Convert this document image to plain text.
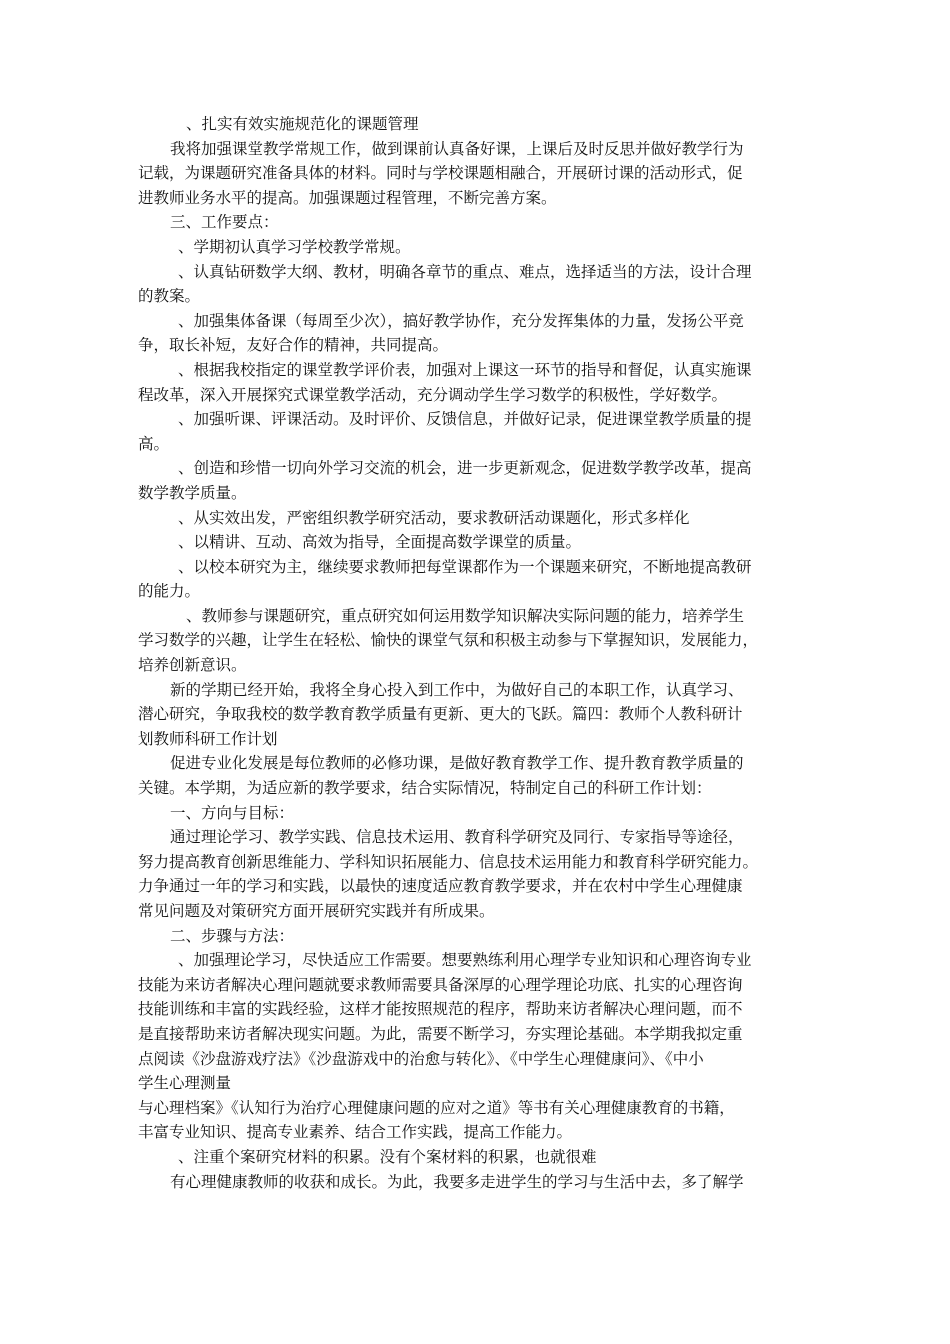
、扎实有效实施规范化的课题管理
我将加强课堂教学常规工作，做到课前认真备好课，上课后及时反思并做好教学行为
记载，为课题研究准备具体的材料。同时与学校课题相融合，开展研讨课的活动形式，促
进教师业务水平的提高。加强课题过程管理，不断完善方案。
三、工作要点：
、学期初认真学习学校教学常规。
、认真钻研数学大纲、教材，明确各章节的重点、难点，选择适当的方法，设计合理
的教案。
、加强集体备课（每周至少次），搞好教学协作，充分发挥集体的力量，发扬公平竞
争，取长补短，友好合作的精神，共同提高。
、根据我校指定的课堂教学评价表，加强对上课这一环节的指导和督促，认真实施课
程改革，深入开展探究式课堂教学活动，充分调动学生学习数学的积极性，学好数学。
、加强听课、评课活动。及时评价、反馈信息，并做好记录，促进课堂教学质量的提
高。
、创造和珍惜一切向外学习交流的机会，进一步更新观念，促进数学教学改革，提高
数学教学质量。
、从实效出发，严密组织教学研究活动，要求教研活动课题化，形式多样化
、以精讲、互动、高效为指导，全面提高数学课堂的质量。
、以校本研究为主，继续要求教师把每堂课都作为一个课题来研究，不断地提高教研
的能力。
、教师参与课题研究，重点研究如何运用数学知识解决实际问题的能力，培养学生
学习数学的兴趣，让学生在轻松、愉快的课堂气氛和积极主动参与下掌握知识，发展能力，
培养创新意识。
新的学期已经开始，我将全身心投入到工作中，为做好自己的本职工作，认真学习、
潜心研究，争取我校的数学教育教学质量有更新、更大的飞跃。篇四：教师个人教科研计
划教师科研工作计划
促进专业化发展是每位教师的必修功课，是做好教育教学工作、提升教育教学质量的
关键。本学期，为适应新的教学要求，结合实际情况，特制定自己的科研工作计划：
一、方向与目标：
通过理论学习、教学实践、信息技术运用、教育科学研究及同行、专家指导等途径，
努力提高教育创新思维能力、学科知识拓展能力、信息技术运用能力和教育科学研究能力。
力争通过一年的学习和实践，以最快的速度适应教育教学要求，并在农村中学生心理健康
常见问题及对策研究方面开展研究实践并有所成果。
二、步骤与方法：
、加强理论学习，尽快适应工作需要。想要熟练利用心理学专业知识和心理咨询专业
技能为来访者解决心理问题就要求教师需要具备深厚的心理学理论功底、扎实的心理咨询
技能训练和丰富的实践经验，这样才能按照规范的程序，帮助来访者解决心理问题，而不
是直接帮助来访者解决现实问题。为此，需要不断学习，夯实理论基础。本学期我拟定重
点阅读《沙盘游戏疗法》《沙盘游戏中的治愈与转化》、《中学生心理健康问》、《中小
学生心理测量
与心理档案》《认知行为治疗心理健康问题的应对之道》等书有关心理健康教育的书籍，
丰富专业知识、提高专业素养、结合工作实践，提高工作能力。
、注重个案研究材料的积累。没有个案材料的积累，也就很难
有心理健康教师的收获和成长。为此，我要多走进学生的学习与生活中去，多了解学
